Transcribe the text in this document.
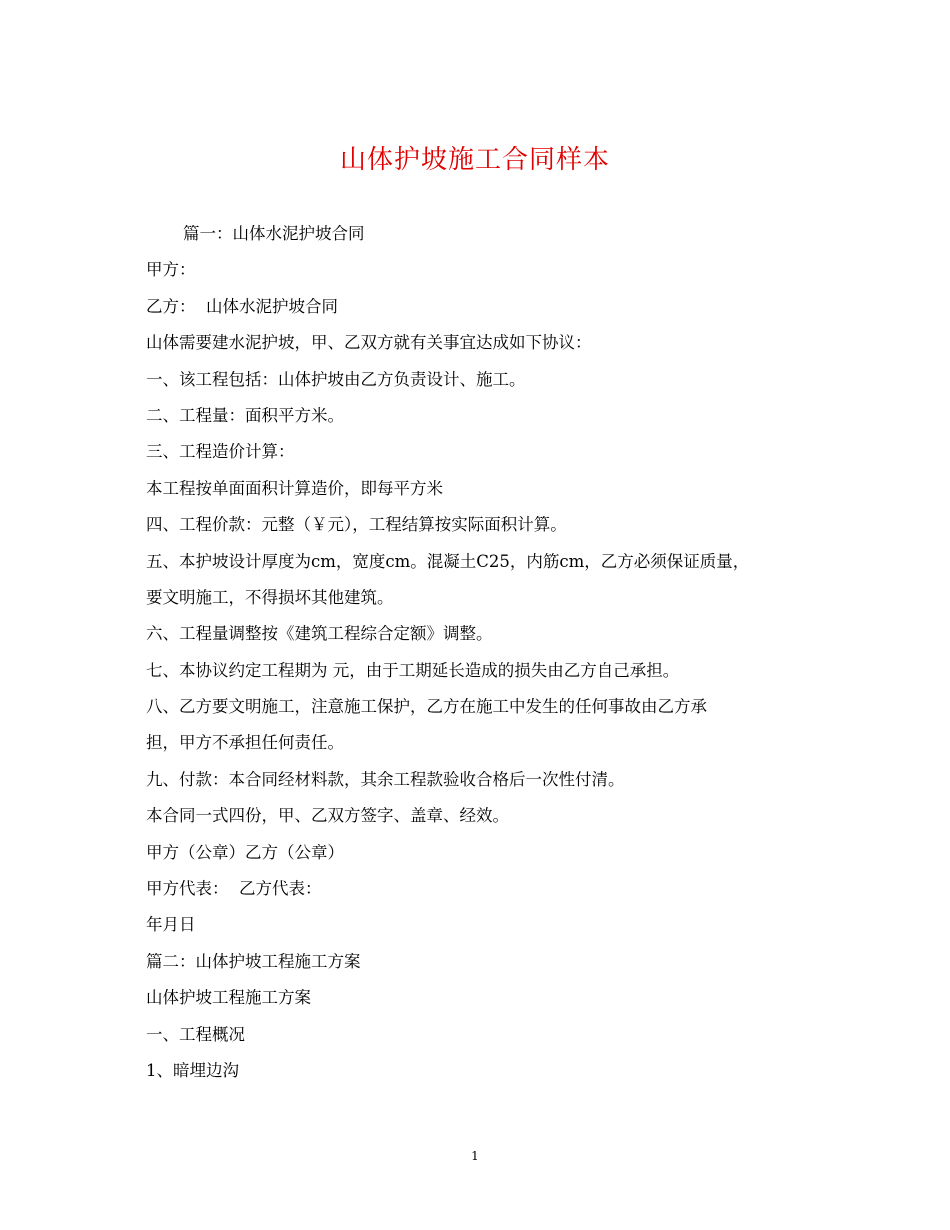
山体护坡施工合同样本
篇一：山体水泥护坡合同
甲方：
乙方：  山体水泥护坡合同
山体需要建水泥护坡，甲、乙双方就有关事宜达成如下协议：
一、该工程包括：山体护坡由乙方负责设计、施工。
二、工程量：面积平方米。
三、工程造价计算：
本工程按单面面积计算造价，即每平方米
四、工程价款：元整（￥元），工程结算按实际面积计算。
五、本护坡设计厚度为cm，宽度cm。混凝土C25，内筋cm，乙方必须保证质量，
要文明施工，不得损坏其他建筑。
六、工程量调整按《建筑工程综合定额》调整。
七、本协议约定工程期为 元，由于工期延长造成的损失由乙方自己承担。
八、乙方要文明施工，注意施工保护，乙方在施工中发生的任何事故由乙方承
担，甲方不承担任何责任。
九、付款：本合同经材料款，其余工程款验收合格后一次性付清。
本合同一式四份，甲、乙双方签字、盖章、经效。
甲方（公章）乙方（公章）
甲方代表：  乙方代表：
年月日
篇二：山体护坡工程施工方案
山体护坡工程施工方案
一、工程概况
1、暗埋边沟
1
